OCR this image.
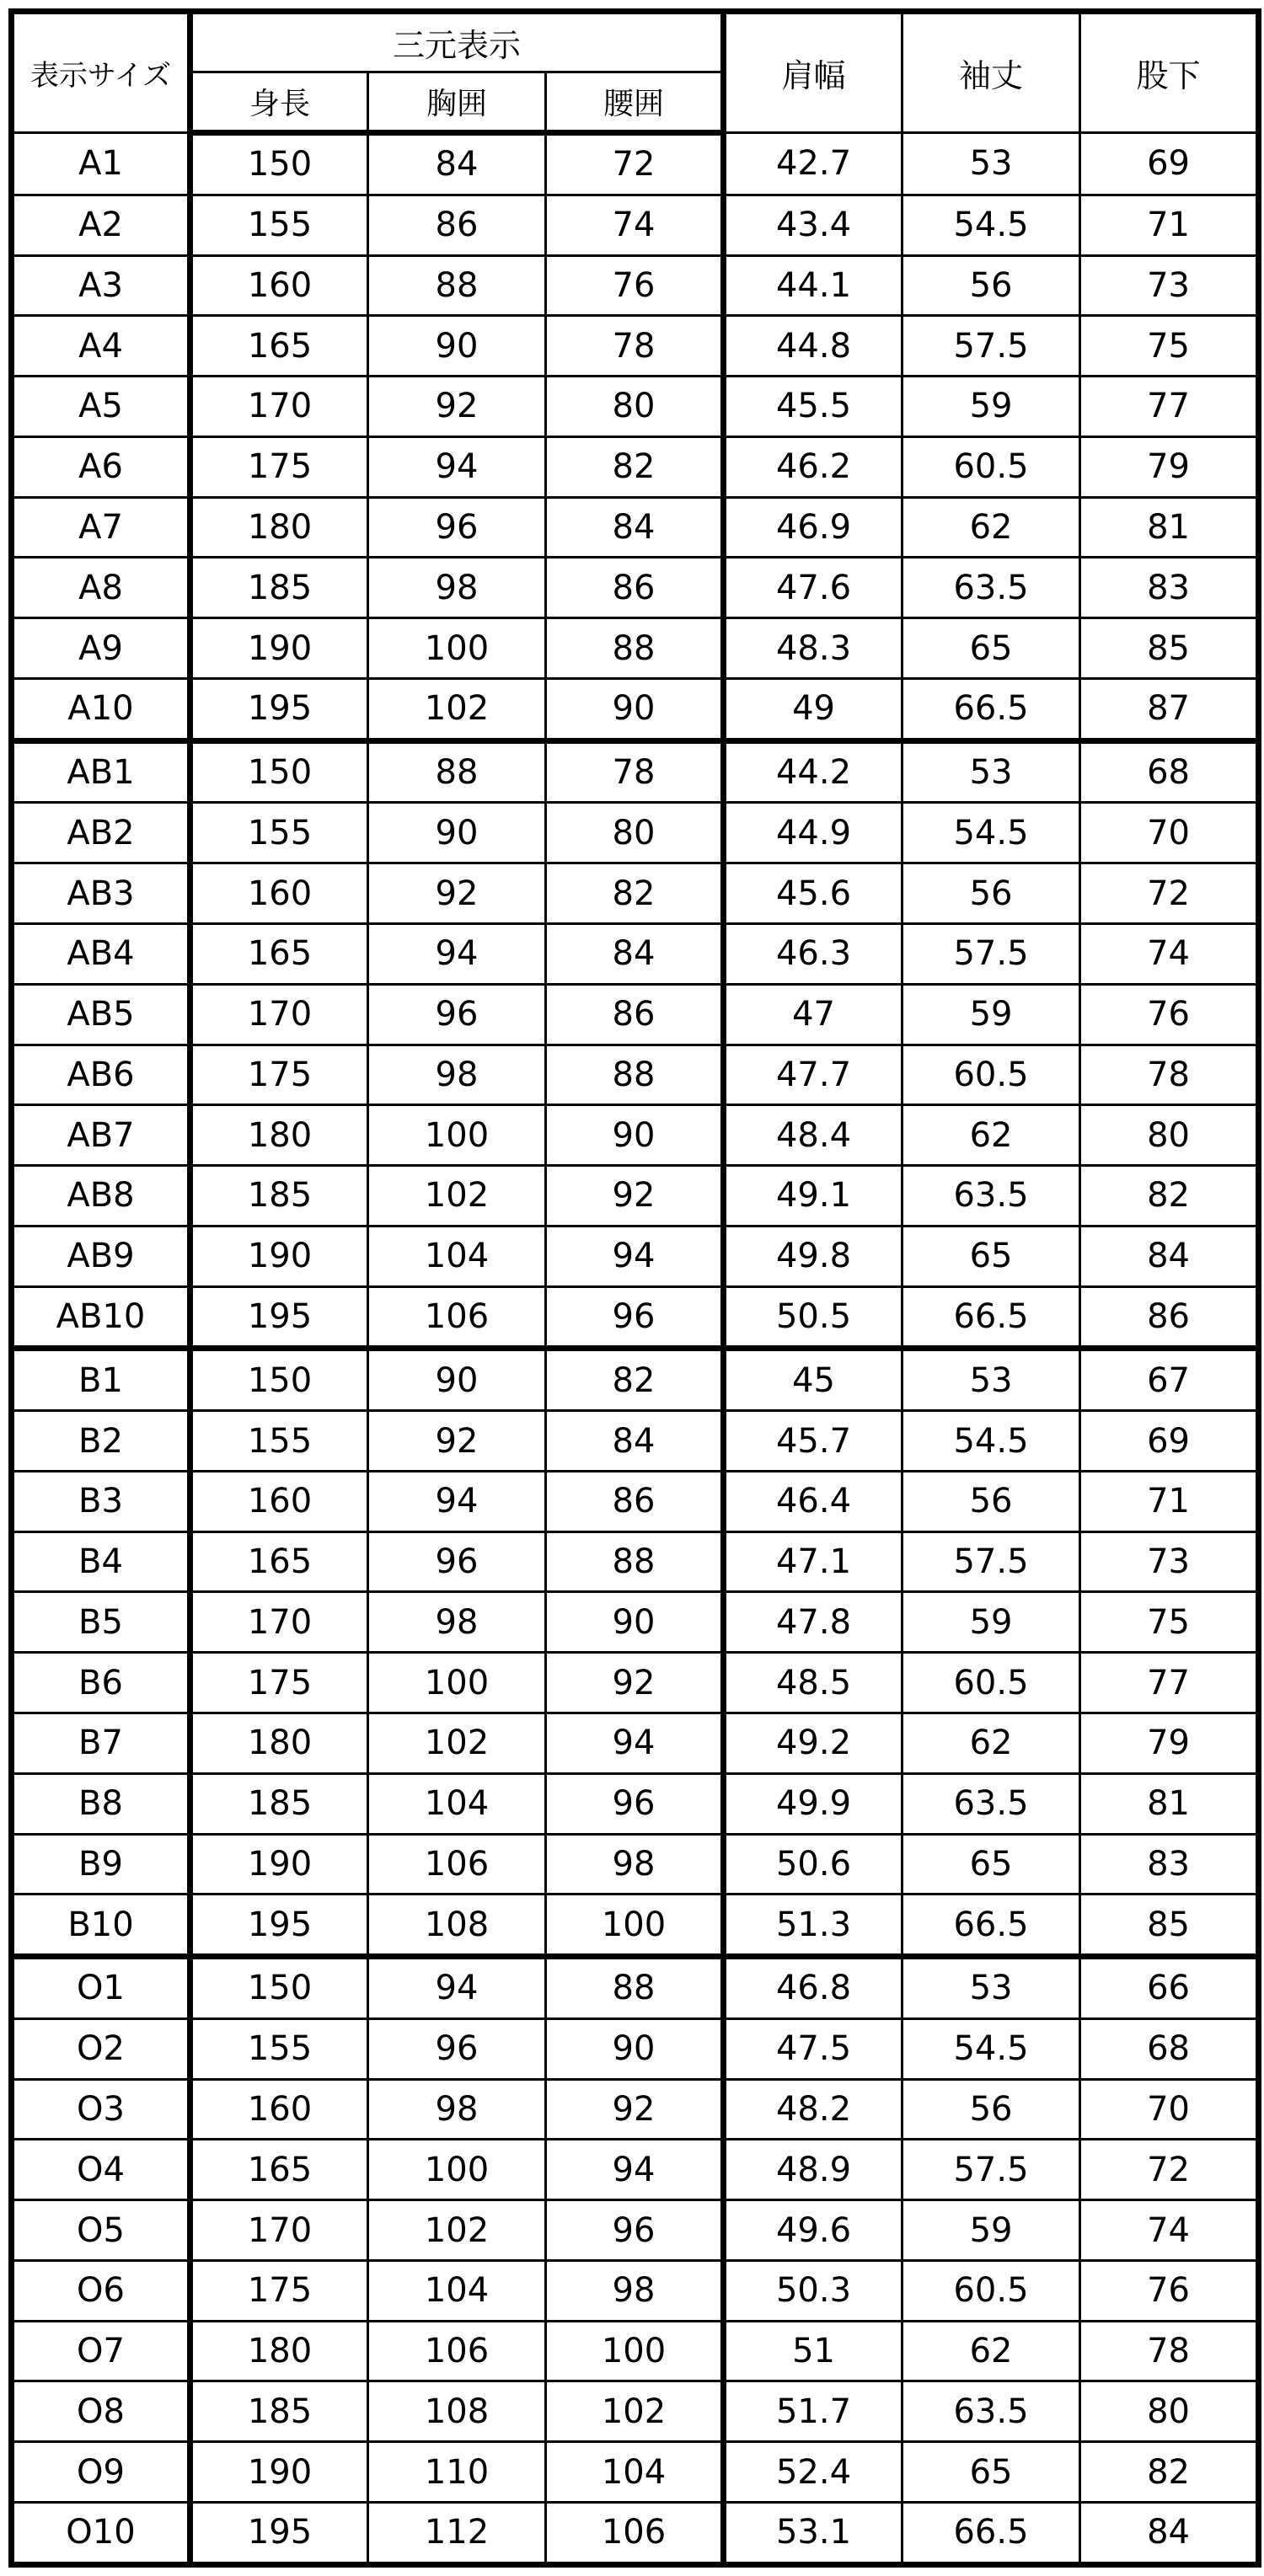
表示サイズ	三元表示			肩幅	袖丈	股下
	身長	胸囲	腰囲			
A1	150	84	72	42.7	53	69
A2	155	86	74	43.4	54.5	71
A3	160	88	76	44.1	56	73
A4	165	90	78	44.8	57.5	75
A5	170	92	80	45.5	59	77
A6	175	94	82	46.2	60.5	79
A7	180	96	84	46.9	62	81
A8	185	98	86	47.6	63.5	83
A9	190	100	88	48.3	65	85
A10	195	102	90	49	66.5	87
AB1	150	88	78	44.2	53	68
AB2	155	90	80	44.9	54.5	70
AB3	160	92	82	45.6	56	72
AB4	165	94	84	46.3	57.5	74
AB5	170	96	86	47	59	76
AB6	175	98	88	47.7	60.5	78
AB7	180	100	90	48.4	62	80
AB8	185	102	92	49.1	63.5	82
AB9	190	104	94	49.8	65	84
AB10	195	106	96	50.5	66.5	86
B1	150	90	82	45	53	67
B2	155	92	84	45.7	54.5	69
B3	160	94	86	46.4	56	71
B4	165	96	88	47.1	57.5	73
B5	170	98	90	47.8	59	75
B6	175	100	92	48.5	60.5	77
B7	180	102	94	49.2	62	79
B8	185	104	96	49.9	63.5	81
B9	190	106	98	50.6	65	83
B10	195	108	100	51.3	66.5	85
O1	150	94	88	46.8	53	66
O2	155	96	90	47.5	54.5	68
O3	160	98	92	48.2	56	70
O4	165	100	94	48.9	57.5	72
O5	170	102	96	49.6	59	74
O6	175	104	98	50.3	60.5	76
O7	180	106	100	51	62	78
O8	185	108	102	51.7	63.5	80
O9	190	110	104	52.4	65	82
O10	195	112	106	53.1	66.5	84
